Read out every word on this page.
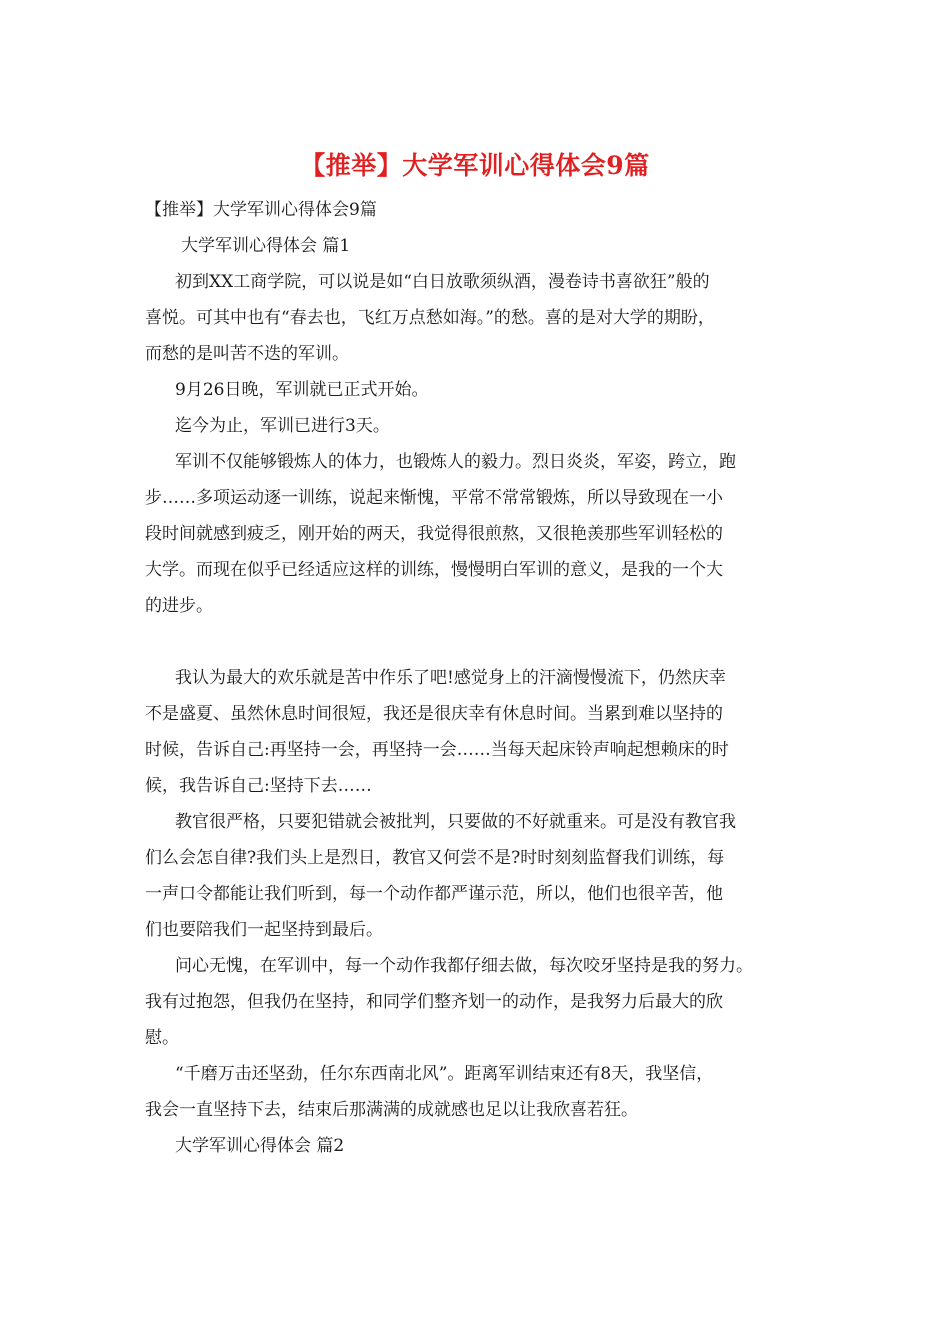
【推举】大学军训心得体会9篇

【推举】大学军训心得体会9篇

大学军训心得体会 篇1

初到XX工商学院，可以说是如“白日放歌须纵酒，漫卷诗书喜欲狂”般的

喜悦。可其中也有“春去也，飞红万点愁如海。”的愁。喜的是对大学的期盼，

而愁的是叫苦不迭的军训。

9月26日晚，军训就已正式开始。

迄今为止，军训已进行3天。

军训不仅能够锻炼人的体力，也锻炼人的毅力。烈日炎炎，军姿，跨立，跑

步……多项运动逐一训练，说起来惭愧，平常不常常锻炼，所以导致现在一小

段时间就感到疲乏，刚开始的两天，我觉得很煎熬，又很艳羡那些军训轻松的

大学。而现在似乎已经适应这样的训练，慢慢明白军训的意义，是我的一个大

的进步。

我认为最大的欢乐就是苦中作乐了吧!感觉身上的汗滴慢慢流下，仍然庆幸

不是盛夏、虽然休息时间很短，我还是很庆幸有休息时间。当累到难以坚持的

时候，告诉自己:再坚持一会，再坚持一会……当每天起床铃声响起想赖床的时

候，我告诉自己:坚持下去……

教官很严格，只要犯错就会被批判，只要做的不好就重来。可是没有教官我

们么会怎自律?我们头上是烈日，教官又何尝不是?时时刻刻监督我们训练，每

一声口令都能让我们听到，每一个动作都严谨示范，所以，他们也很辛苦，他

们也要陪我们一起坚持到最后。

问心无愧，在军训中，每一个动作我都仔细去做，每次咬牙坚持是我的努力。

我有过抱怨，但我仍在坚持，和同学们整齐划一的动作，是我努力后最大的欣

慰。

“千磨万击还坚劲，任尔东西南北风”。距离军训结束还有8天，我坚信，

我会一直坚持下去，结束后那满满的成就感也足以让我欣喜若狂。

大学军训心得体会 篇2
